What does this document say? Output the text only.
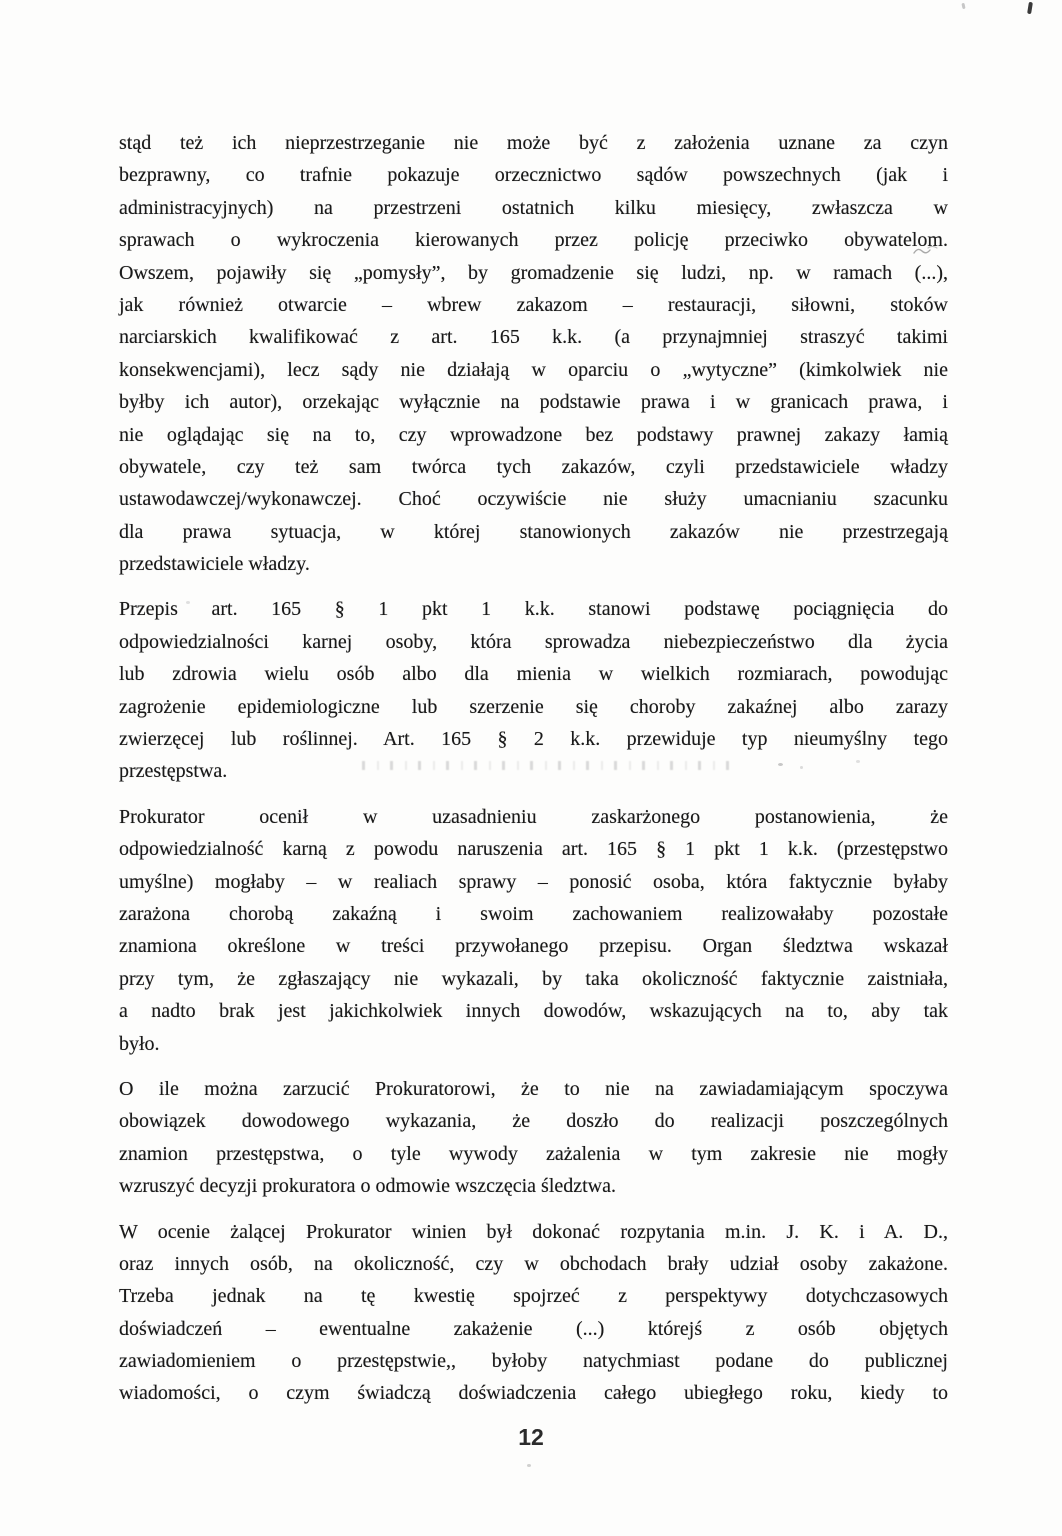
stąd też ich nieprzestrzeganie nie może być z założenia uznane za czyn
bezprawny, co trafnie pokazuje orzecznictwo sądów powszechnych (jak i
administracyjnych) na przestrzeni ostatnich kilku miesięcy, zwłaszcza w
sprawach o wykroczenia kierowanych przez policję przeciwko obywatelom.
Owszem, pojawiły się „pomysły”, by gromadzenie się ludzi, np. w ramach (...),
jak również otwarcie – wbrew zakazom – restauracji, siłowni, stoków
narciarskich kwalifikować z art. 165 k.k. (a przynajmniej straszyć takimi
konsekwencjami), lecz sądy nie działają w oparciu o „wytyczne” (kimkolwiek nie
byłby ich autor), orzekając wyłącznie na podstawie prawa i w granicach prawa, i
nie oglądając się na to, czy wprowadzone bez podstawy prawnej zakazy łamią
obywatele, czy też sam twórca tych zakazów, czyli przedstawiciele władzy
ustawodawczej/wykonawczej. Choć oczywiście nie służy umacnianiu szacunku
dla prawa sytuacja, w której stanowionych zakazów nie przestrzegają
przedstawiciele władzy.
Przepis art. 165 § 1 pkt 1 k.k. stanowi podstawę pociągnięcia do
odpowiedzialności karnej osoby, która sprowadza niebezpieczeństwo dla życia
lub zdrowia wielu osób albo dla mienia w wielkich rozmiarach, powodując
zagrożenie epidemiologiczne lub szerzenie się choroby zakaźnej albo zarazy
zwierzęcej lub roślinnej. Art. 165 § 2 k.k. przewiduje typ nieumyślny tego
przestępstwa.
Prokurator ocenił w uzasadnieniu zaskarżonego postanowienia, że
odpowiedzialność karną z powodu naruszenia art. 165 § 1 pkt 1 k.k. (przestępstwo
umyślne) mogłaby – w realiach sprawy – ponosić osoba, która faktycznie byłaby
zarażona chorobą zakaźną i swoim zachowaniem realizowałaby pozostałe
znamiona określone w treści przywołanego przepisu. Organ śledztwa wskazał
przy tym, że zgłaszający nie wykazali, by taka okoliczność faktycznie zaistniała,
a nadto brak jest jakichkolwiek innych dowodów, wskazujących na to, aby tak
było.
O ile można zarzucić Prokuratorowi, że to nie na zawiadamiającym spoczywa
obowiązek dowodowego wykazania, że doszło do realizacji poszczególnych
znamion przestępstwa, o tyle wywody zażalenia w tym zakresie nie mogły
wzruszyć decyzji prokuratora o odmowie wszczęcia śledztwa.
W ocenie żalącej Prokurator winien był dokonać rozpytania m.in. J. K. i A. D.,
oraz innych osób, na okoliczność, czy w obchodach brały udział osoby zakażone.
Trzeba jednak na tę kwestię spojrzeć z perspektywy dotychczasowych
doświadczeń – ewentualne zakażenie (...) którejś z osób objętych
zawiadomieniem o przestępstwie,, byłoby natychmiast podane do publicznej
wiadomości, o czym świadczą doświadczenia całego ubiegłego roku, kiedy to
12
